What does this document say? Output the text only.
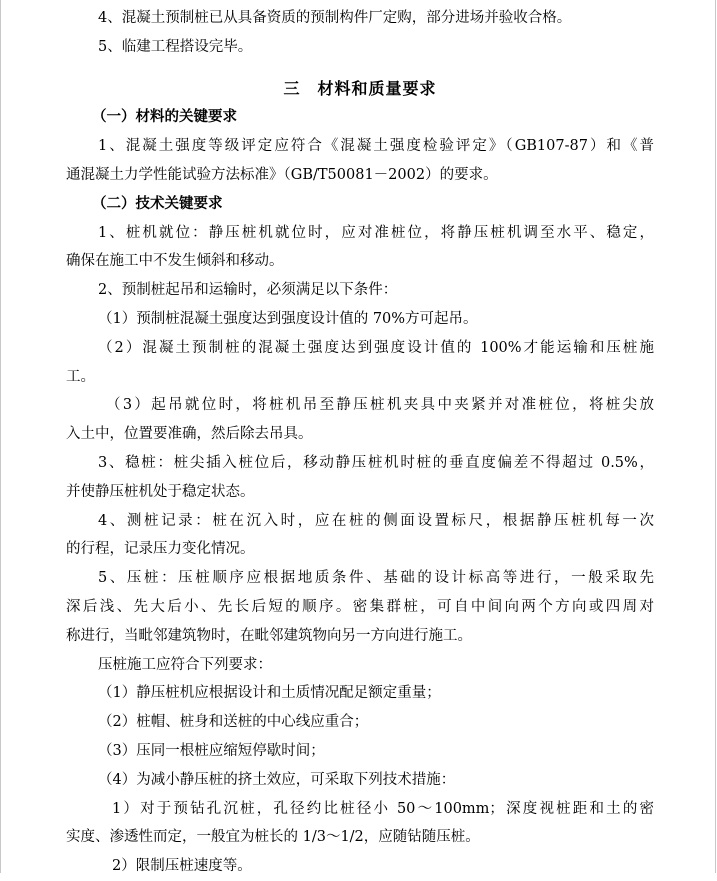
4、混凝土预制桩已从具备资质的预制构件厂定购，部分进场并验收合格。
5、临建工程搭设完毕。
三　材料和质量要求
（一）材料的关键要求
1、混凝土强度等级评定应符合《混凝土强度检验评定》（GB107-87）和《普
通混凝土力学性能试验方法标准》（GB/T50081－2002）的要求。
（二）技术关键要求
1、桩机就位：静压桩机就位时，应对准桩位，将静压桩机调至水平、稳定，
确保在施工中不发生倾斜和移动。
2、预制桩起吊和运输时，必须满足以下条件：
（1）预制桩混凝土强度达到强度设计值的 70%方可起吊。
（2）混凝土预制桩的混凝土强度达到强度设计值的 100%才能运输和压桩施
工。
（3）起吊就位时，将桩机吊至静压桩机夹具中夹紧并对准桩位，将桩尖放
入土中，位置要准确，然后除去吊具。
3、稳桩：桩尖插入桩位后，移动静压桩机时桩的垂直度偏差不得超过 0.5%，
并使静压桩机处于稳定状态。
4、测桩记录：桩在沉入时，应在桩的侧面设置标尺，根据静压桩机每一次
的行程，记录压力变化情况。
5、压桩：压桩顺序应根据地质条件、基础的设计标高等进行，一般采取先
深后浅、先大后小、先长后短的顺序。密集群桩，可自中间向两个方向或四周对
称进行，当毗邻建筑物时，在毗邻建筑物向另一方向进行施工。
压桩施工应符合下列要求：
（1）静压桩机应根据设计和土质情况配足额定重量；
（2）桩帽、桩身和送桩的中心线应重合；
（3）压同一根桩应缩短停歇时间；
（4）为减小静压桩的挤土效应，可采取下列技术措施：
1）对于预钻孔沉桩，孔径约比桩径小 50～100mm；深度视桩距和土的密
实度、渗透性而定，一般宜为桩长的 1/3～1/2，应随钻随压桩。
2）限制压桩速度等。
